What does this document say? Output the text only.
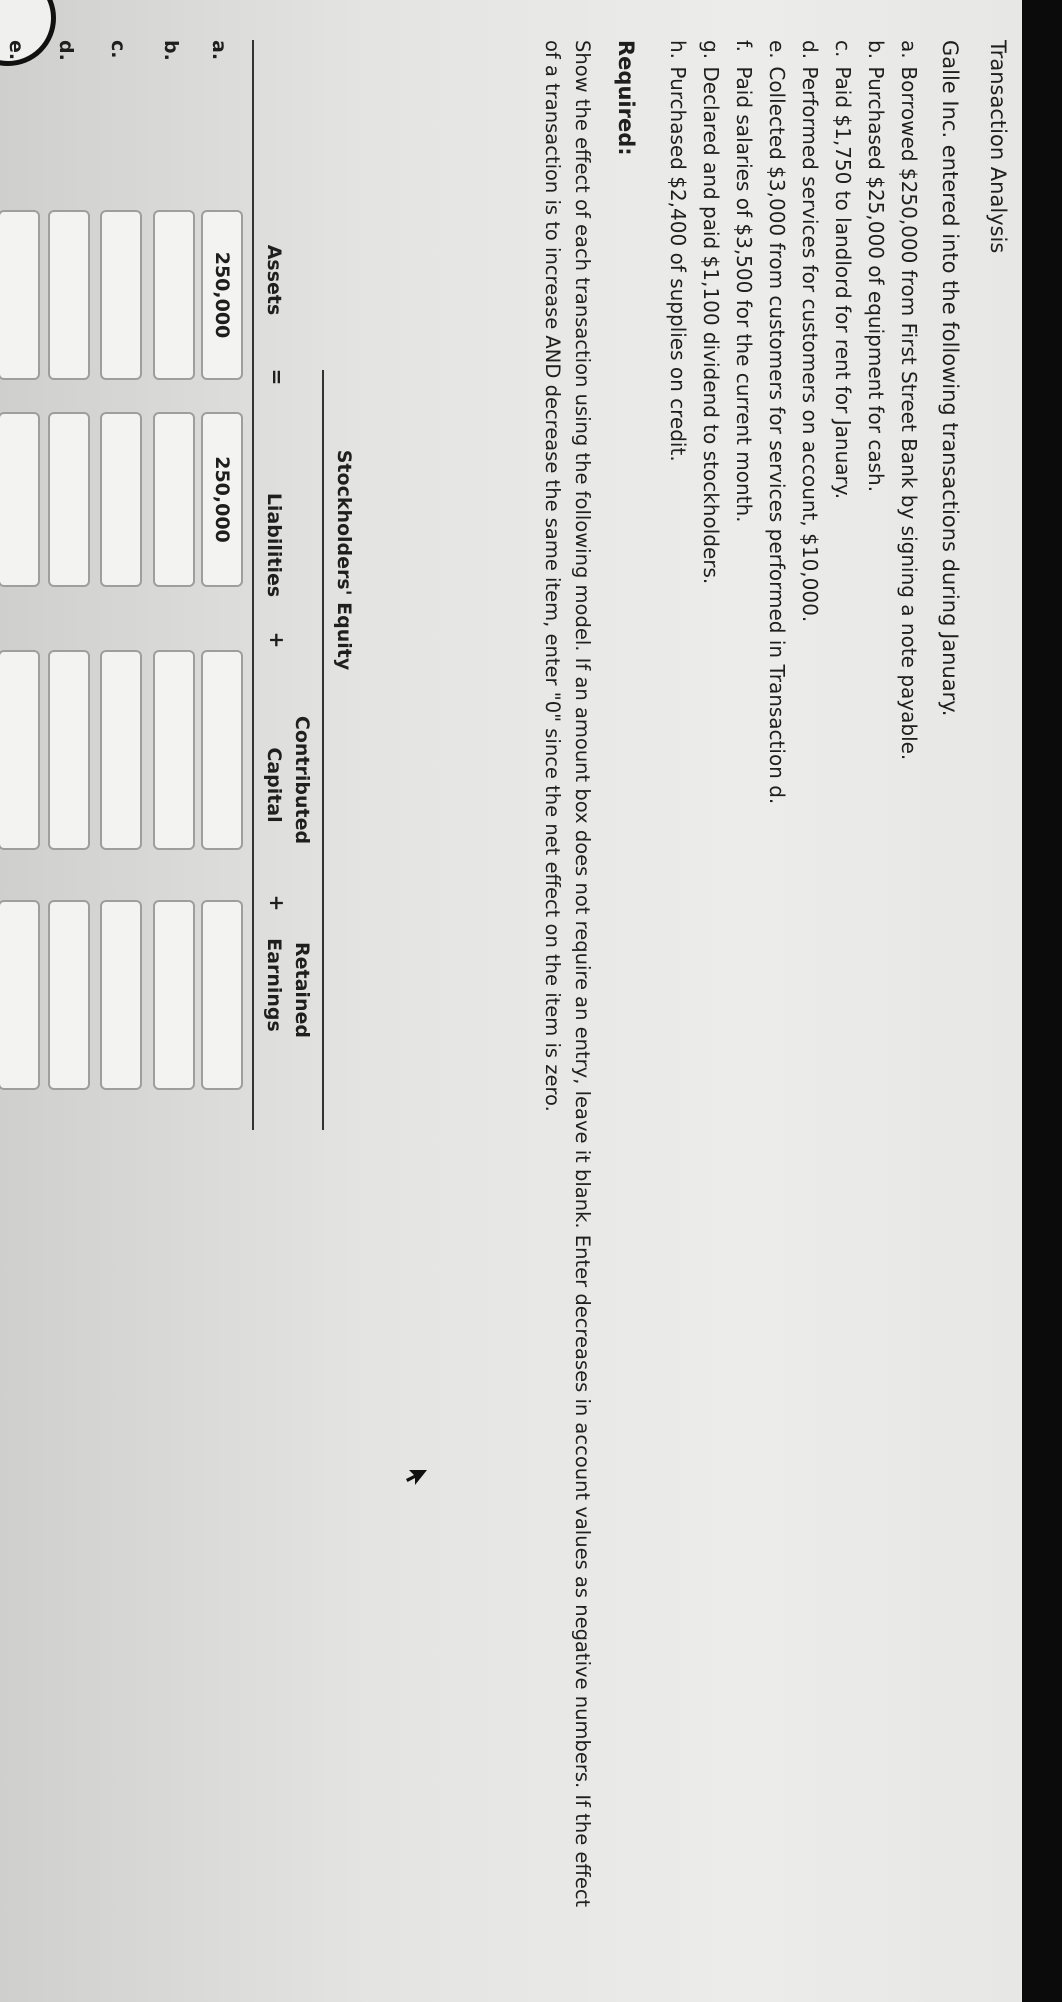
Transaction Analysis
Galle Inc. entered into the following transactions during January.
a. Borrowed $250,000 from First Street Bank by signing a note payable.
b. Purchased $25,000 of equipment for cash.
c. Paid $1,750 to landlord for rent for January.
d. Performed services for customers on account, $10,000.
e. Collected $3,000 from customers for services performed in Transaction d.
f. Paid salaries of $3,500 for the current month.
g. Declared and paid $1,100 dividend to stockholders.
h. Purchased $2,400 of supplies on credit.
Required:
Show the effect of each transaction using the following model. If an amount box does not require an entry, leave it blank. Enter decreases in account values as negative numbers. If the effect of a transaction is to increase AND decrease the same item, enter "0" since the net effect on the item is zero.
Stockholders' Equity
Contributed
Retained
Assets
=
Liabilities
+
Capital
+
Earnings
a.
250,000
250,000
b.
c.
d.
e.
